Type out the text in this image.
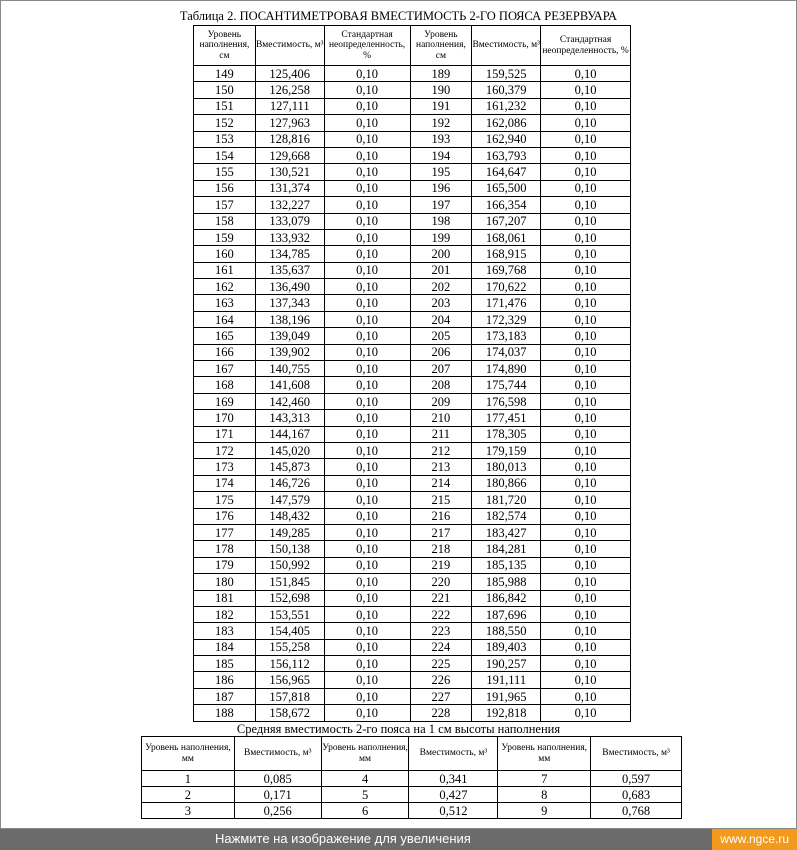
Таблица 2. ПОСАНТИМЕТРОВАЯ ВМЕСТИМОСТЬ 2-ГО ПОЯСА РЕЗЕРВУАРА
Уровень наполнения, см	Вместимость, м³	Стандартная неопределенность, %	Уровень наполнения, см	Вместимость, м³	Стандартная неопределенность, %
149	125,406	0,10	189	159,525	0,10
150	126,258	0,10	190	160,379	0,10
151	127,111	0,10	191	161,232	0,10
152	127,963	0,10	192	162,086	0,10
153	128,816	0,10	193	162,940	0,10
154	129,668	0,10	194	163,793	0,10
155	130,521	0,10	195	164,647	0,10
156	131,374	0,10	196	165,500	0,10
157	132,227	0,10	197	166,354	0,10
158	133,079	0,10	198	167,207	0,10
159	133,932	0,10	199	168,061	0,10
160	134,785	0,10	200	168,915	0,10
161	135,637	0,10	201	169,768	0,10
162	136,490	0,10	202	170,622	0,10
163	137,343	0,10	203	171,476	0,10
164	138,196	0,10	204	172,329	0,10
165	139,049	0,10	205	173,183	0,10
166	139,902	0,10	206	174,037	0,10
167	140,755	0,10	207	174,890	0,10
168	141,608	0,10	208	175,744	0,10
169	142,460	0,10	209	176,598	0,10
170	143,313	0,10	210	177,451	0,10
171	144,167	0,10	211	178,305	0,10
172	145,020	0,10	212	179,159	0,10
173	145,873	0,10	213	180,013	0,10
174	146,726	0,10	214	180,866	0,10
175	147,579	0,10	215	181,720	0,10
176	148,432	0,10	216	182,574	0,10
177	149,285	0,10	217	183,427	0,10
178	150,138	0,10	218	184,281	0,10
179	150,992	0,10	219	185,135	0,10
180	151,845	0,10	220	185,988	0,10
181	152,698	0,10	221	186,842	0,10
182	153,551	0,10	222	187,696	0,10
183	154,405	0,10	223	188,550	0,10
184	155,258	0,10	224	189,403	0,10
185	156,112	0,10	225	190,257	0,10
186	156,965	0,10	226	191,111	0,10
187	157,818	0,10	227	191,965	0,10
188	158,672	0,10	228	192,818	0,10
Средняя вместимость 2-го пояса на 1 см высоты наполнения
Уровень наполнения, мм	Вместимость, м³	Уровень наполнения, мм	Вместимость, м³	Уровень наполнения, мм	Вместимость, м³
1	0,085	4	0,341	7	0,597
2	0,171	5	0,427	8	0,683
3	0,256	6	0,512	9	0,768
Нажмите на изображение для увеличения	www.ngce.ru
